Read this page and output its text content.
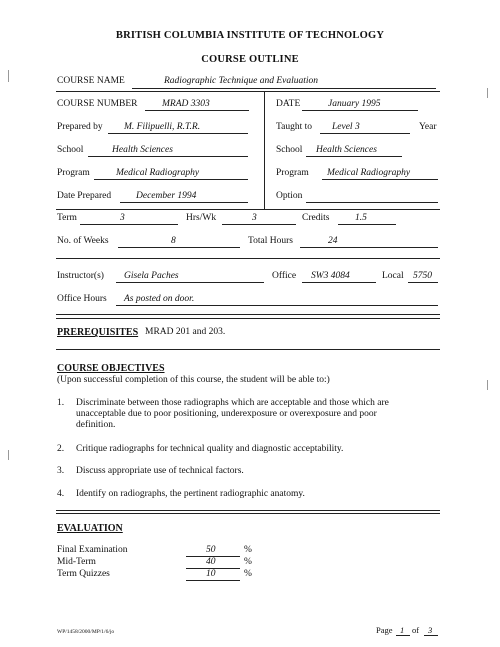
BRITISH COLUMBIA INSTITUTE OF TECHNOLOGY
COURSE OUTLINE
COURSE NAME	Radiographic Technique and Evaluation
COURSE NUMBER	MRAD 3303	DATE	January 1995
Prepared by M. Filipuelli, R.T.R.	Taught to Level 3	Year
School	Health Sciences	School Health Sciences
Program	Medical Radiography	Program Medical Radiography
Date Prepared	December 1994	Option
Term	3	Hrs/Wk	3	Credits	1.5
No. of Weeks	8	Total Hours	24
Instructor(s) Gisela Paches	Office SW3 4084	Local 5750
Office Hours As posted on door.
PREREQUISITES MRAD 201 and 203.
COURSE OBJECTIVES
(Upon successful completion of this course, the student will be able to:)
1. Discriminate between those radiographs which are acceptable and those which are
unacceptable due to poor positioning, underexposure or overexposure and poor
definition.
2. Critique radiographs for technical quality and diagnostic acceptability.
3. Discuss appropriate use of technical factors.
4. Identify on radiographs, the pertinent radiographic anatomy.
EVALUATION
Final Examination	50	%
Mid-Term	40	%
Term Quizzes	10	%
WP/1458/2000/MP/1/6/jo	Page 1 of 3
